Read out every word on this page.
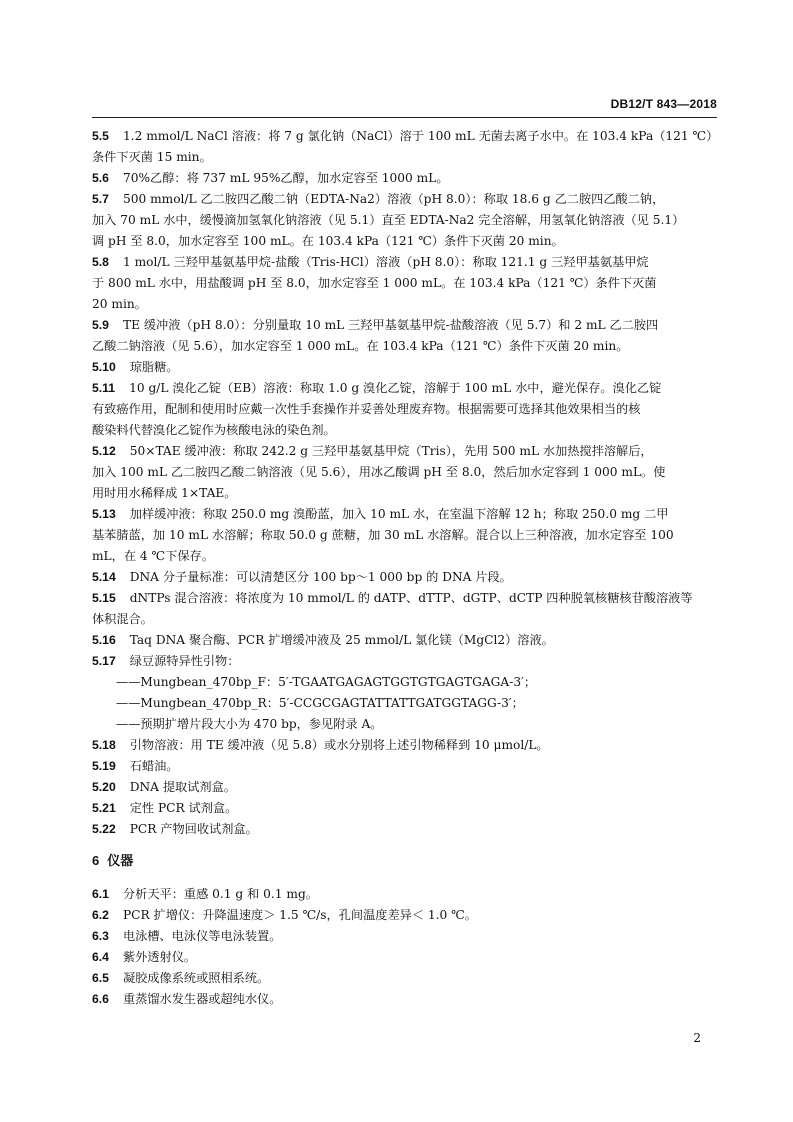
DB12/T 843—2018
5.5 1.2 mmol/L NaCl 溶液：将 7 g 氯化钠（NaCl）溶于 100 mL 无菌去离子水中。在 103.4 kPa（121 ℃）
条件下灭菌 15 min。
5.6 70%乙醇：将 737 mL 95%乙醇，加水定容至 1000 mL。
5.7 500 mmol/L 乙二胺四乙酸二钠（EDTA-Na2）溶液（pH 8.0）：称取 18.6 g 乙二胺四乙酸二钠，
加入 70 mL 水中，缓慢滴加氢氧化钠溶液（见 5.1）直至 EDTA-Na2 完全溶解，用氢氧化钠溶液（见 5.1）
调 pH 至 8.0，加水定容至 100 mL。在 103.4 kPa（121 ℃）条件下灭菌 20 min。
5.8 1 mol/L 三羟甲基氨基甲烷-盐酸（Tris-HCl）溶液（pH 8.0）：称取 121.1 g 三羟甲基氨基甲烷
于 800 mL 水中，用盐酸调 pH 至 8.0，加水定容至 1 000 mL。在 103.4 kPa（121 ℃）条件下灭菌
20 min。
5.9 TE 缓冲液（pH 8.0）：分别量取 10 mL 三羟甲基氨基甲烷-盐酸溶液（见 5.7）和 2 mL 乙二胺四
乙酸二钠溶液（见 5.6），加水定容至 1 000 mL。在 103.4 kPa（121 ℃）条件下灭菌 20 min。
5.10 琼脂糖。
5.11 10 g/L 溴化乙锭（EB）溶液：称取 1.0 g 溴化乙锭，溶解于 100 mL 水中，避光保存。溴化乙锭
有致癌作用，配制和使用时应戴一次性手套操作并妥善处理废弃物。根据需要可选择其他效果相当的核
酸染料代替溴化乙锭作为核酸电泳的染色剂。
5.12 50×TAE 缓冲液：称取 242.2 g 三羟甲基氨基甲烷（Tris），先用 500 mL 水加热搅拌溶解后，
加入 100 mL 乙二胺四乙酸二钠溶液（见 5.6），用冰乙酸调 pH 至 8.0，然后加水定容到 1 000 mL。使
用时用水稀释成 1×TAE。
5.13 加样缓冲液：称取 250.0 mg 溴酚蓝，加入 10 mL 水，在室温下溶解 12 h；称取 250.0 mg 二甲
基苯腈蓝，加 10 mL 水溶解；称取 50.0 g 蔗糖，加 30 mL 水溶解。混合以上三种溶液，加水定容至 100
mL，在 4 ℃下保存。
5.14 DNA 分子量标准：可以清楚区分 100 bp～1 000 bp 的 DNA 片段。
5.15 dNTPs 混合溶液：将浓度为 10 mmol/L 的 dATP、dTTP、dGTP、dCTP 四种脱氧核糖核苷酸溶液等
体积混合。
5.16 Taq DNA 聚合酶、PCR 扩增缓冲液及 25 mmol/L 氯化镁（MgCl2）溶液。
5.17 绿豆源特异性引物：
——Mungbean_470bp_F：5′-TGAATGAGAGTGGTGTGAGTGAGA-3′；
——Mungbean_470bp_R：5′-CCGCGAGTATTATTGATGGTAGG-3′；
——预期扩增片段大小为 470 bp，参见附录 A。
5.18 引物溶液：用 TE 缓冲液（见 5.8）或水分别将上述引物稀释到 10 μmol/L。
5.19 石蜡油。
5.20 DNA 提取试剂盒。
5.21 定性 PCR 试剂盒。
5.22 PCR 产物回收试剂盒。
6 仪器
6.1 分析天平：重感 0.1 g 和 0.1 mg。
6.2 PCR 扩增仪：升降温速度＞ 1.5 ℃/s，孔间温度差异＜ 1.0 ℃。
6.3 电泳槽、电泳仪等电泳装置。
6.4 紫外透射仪。
6.5 凝胶成像系统或照相系统。
6.6 重蒸馏水发生器或超纯水仪。
2
